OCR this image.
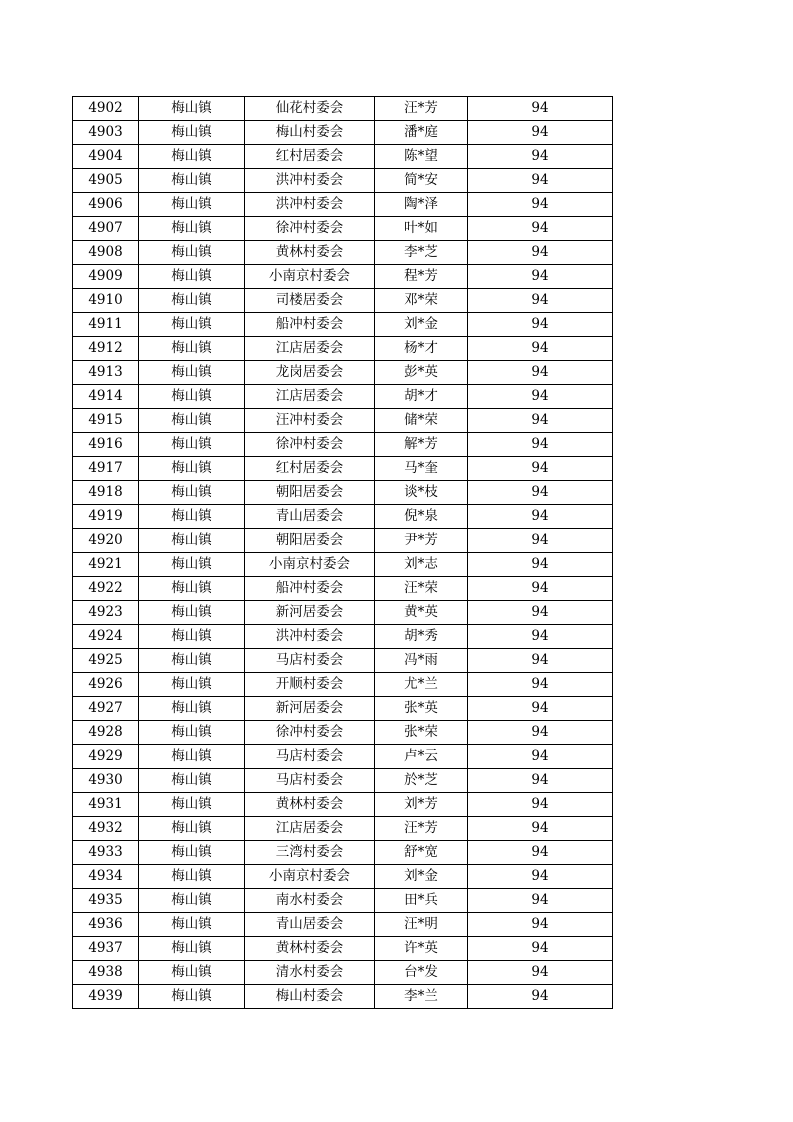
4902	梅山镇	仙花村委会	汪*芳	94
4903	梅山镇	梅山村委会	潘*庭	94
4904	梅山镇	红村居委会	陈*望	94
4905	梅山镇	洪冲村委会	简*安	94
4906	梅山镇	洪冲村委会	陶*泽	94
4907	梅山镇	徐冲村委会	叶*如	94
4908	梅山镇	黄林村委会	李*芝	94
4909	梅山镇	小南京村委会	程*芳	94
4910	梅山镇	司楼居委会	邓*荣	94
4911	梅山镇	船冲村委会	刘*金	94
4912	梅山镇	江店居委会	杨*才	94
4913	梅山镇	龙岗居委会	彭*英	94
4914	梅山镇	江店居委会	胡*才	94
4915	梅山镇	汪冲村委会	储*荣	94
4916	梅山镇	徐冲村委会	解*芳	94
4917	梅山镇	红村居委会	马*奎	94
4918	梅山镇	朝阳居委会	谈*枝	94
4919	梅山镇	青山居委会	倪*泉	94
4920	梅山镇	朝阳居委会	尹*芳	94
4921	梅山镇	小南京村委会	刘*志	94
4922	梅山镇	船冲村委会	汪*荣	94
4923	梅山镇	新河居委会	黄*英	94
4924	梅山镇	洪冲村委会	胡*秀	94
4925	梅山镇	马店村委会	冯*雨	94
4926	梅山镇	开顺村委会	尤*兰	94
4927	梅山镇	新河居委会	张*英	94
4928	梅山镇	徐冲村委会	张*荣	94
4929	梅山镇	马店村委会	卢*云	94
4930	梅山镇	马店村委会	於*芝	94
4931	梅山镇	黄林村委会	刘*芳	94
4932	梅山镇	江店居委会	汪*芳	94
4933	梅山镇	三湾村委会	舒*宽	94
4934	梅山镇	小南京村委会	刘*金	94
4935	梅山镇	南水村委会	田*兵	94
4936	梅山镇	青山居委会	汪*明	94
4937	梅山镇	黄林村委会	许*英	94
4938	梅山镇	清水村委会	台*发	94
4939	梅山镇	梅山村委会	李*兰	94
